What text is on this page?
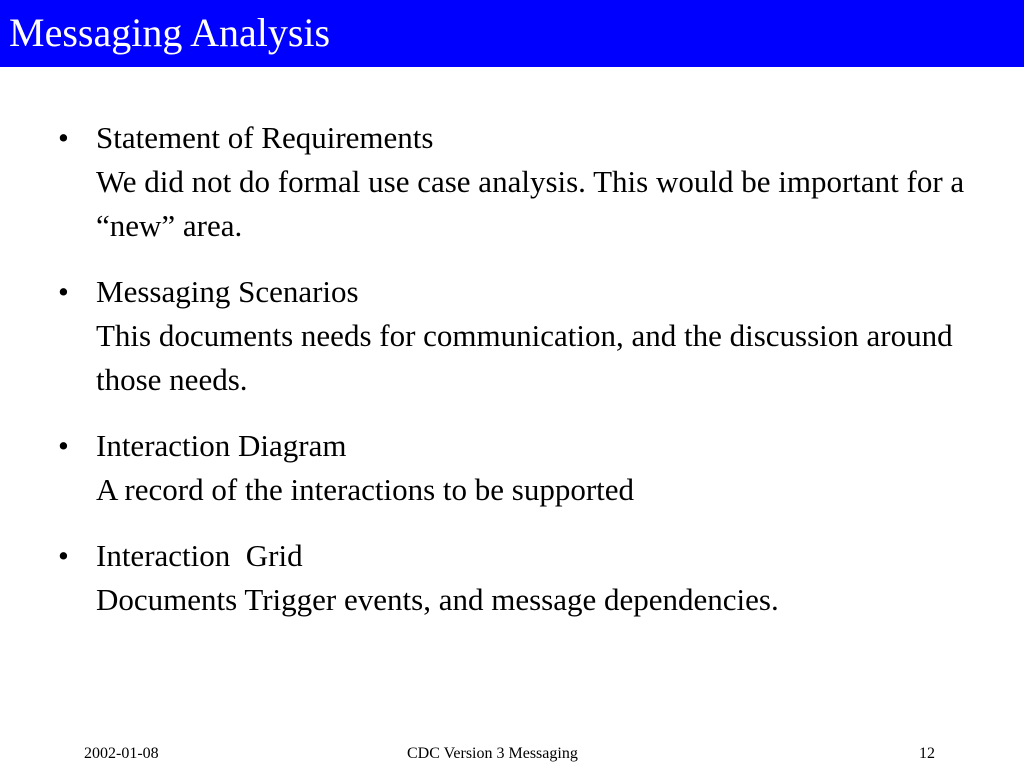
Messaging Analysis
• Statement of Requirements
We did not do formal use case analysis. This would be important for a “new” area.
• Messaging Scenarios
This documents needs for communication, and the discussion around those needs.
• Interaction Diagram
A record of the interactions to be supported
• Interaction  Grid
Documents Trigger events, and message dependencies.
2002-01-08	CDC Version 3 Messaging	12
